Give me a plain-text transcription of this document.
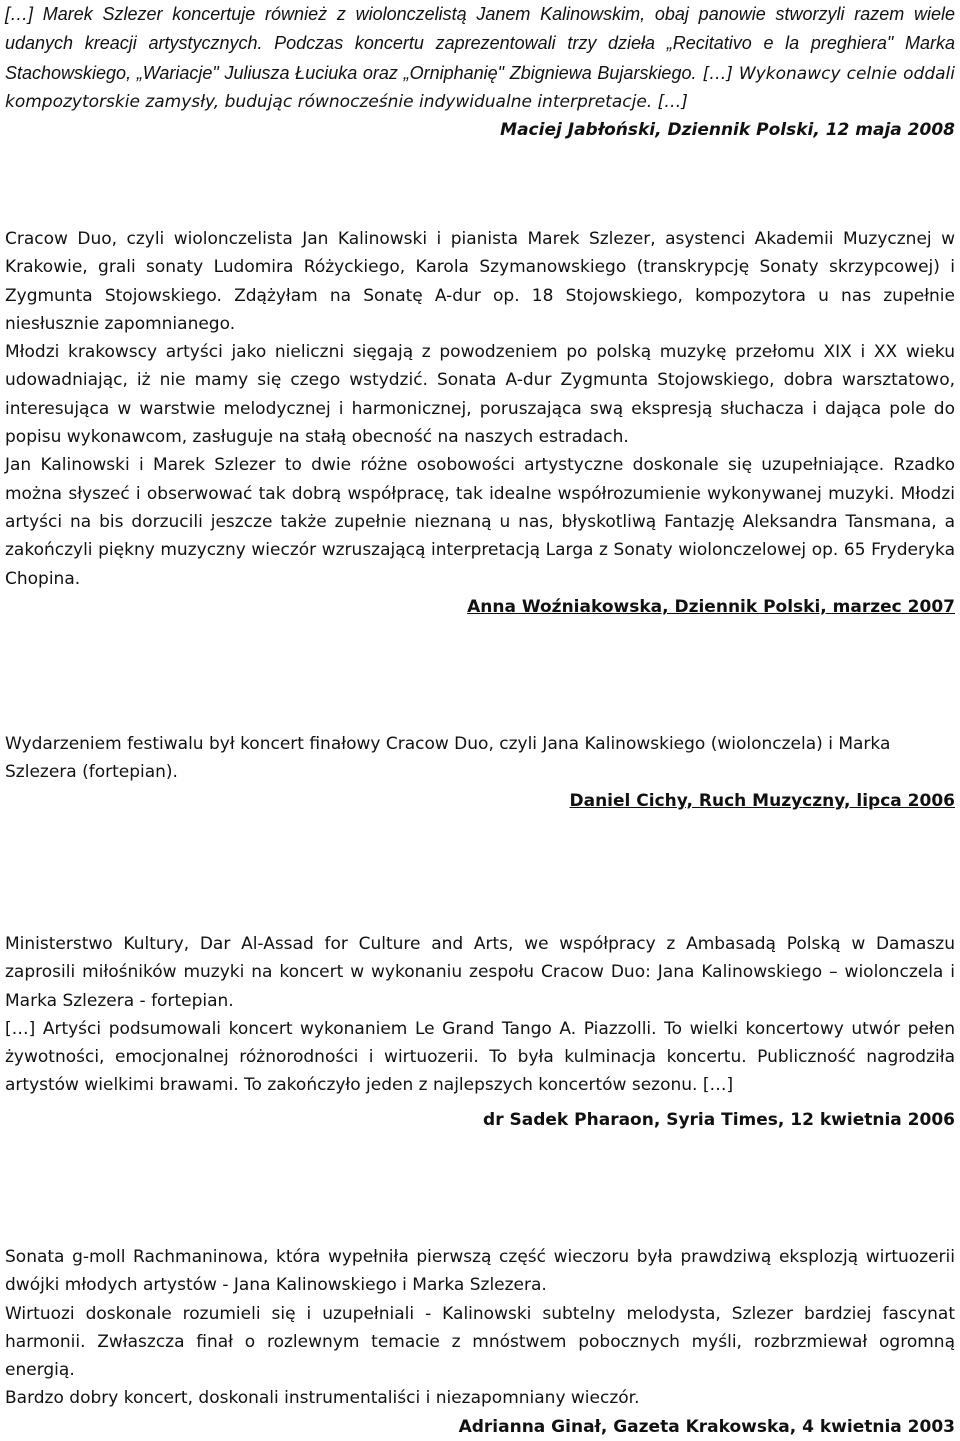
[…] Marek Szlezer koncertuje również z wiolonczelistą Janem Kalinowskim, obaj panowie stworzyli razem wiele udanych kreacji artystycznych. Podczas koncertu zaprezentowali trzy dzieła „Recitativo e la preghiera" Marka Stachowskiego, „Wariacje" Juliusza Łuciuka oraz „Orniphanię" Zbigniewa Bujarskiego. […] Wykonawcy celnie oddali kompozytorskie zamysły, budując równocześnie indywidualne interpretacje. […]

Maciej Jabłoński, Dziennik Polski, 12 maja 2008

Cracow Duo, czyli wiolonczelista Jan Kalinowski i pianista Marek Szlezer, asystenci Akademii Muzycznej w Krakowie, grali sonaty Ludomira Różyckiego, Karola Szymanowskiego (transkrypcję Sonaty skrzypcowej) i Zygmunta Stojowskiego. Zdążyłam na Sonatę A-dur op. 18 Stojowskiego, kompozytora u nas zupełnie niesłusznie zapomnianego.

Młodzi krakowscy artyści jako nieliczni sięgają z powodzeniem po polską muzykę przełomu XIX i XX wieku udowadniając, iż nie mamy się czego wstydzić. Sonata A-dur Zygmunta Stojowskiego, dobra warsztatowo, interesująca w warstwie melodycznej i harmonicznej, poruszająca swą ekspresją słuchacza i dająca pole do popisu wykonawcom, zasługuje na stałą obecność na naszych estradach.

Jan Kalinowski i Marek Szlezer to dwie różne osobowości artystyczne doskonale się uzupełniające. Rzadko można słyszeć i obserwować tak dobrą współpracę, tak idealne współrozumienie wykonywanej muzyki. Młodzi artyści na bis dorzucili jeszcze także zupełnie nieznaną u nas, błyskotliwą Fantazję Aleksandra Tansmana, a zakończyli piękny muzyczny wieczór wzruszającą interpretacją Larga z Sonaty wiolonczelowej op. 65 Fryderyka Chopina.

Anna Woźniakowska, Dziennik Polski, marzec 2007

Wydarzeniem festiwalu był koncert finałowy Cracow Duo, czyli Jana Kalinowskiego (wiolonczela) i Marka Szlezera (fortepian).

Daniel Cichy, Ruch Muzyczny, lipca 2006

Ministerstwo Kultury, Dar Al-Assad for Culture and Arts, we współpracy z Ambasadą Polską w Damaszu zaprosili miłośników muzyki na koncert w wykonaniu zespołu Cracow Duo: Jana Kalinowskiego – wiolonczela i Marka Szlezera - fortepian.

[…] Artyści podsumowali koncert wykonaniem Le Grand Tango A. Piazzolli. To wielki koncertowy utwór pełen żywotności, emocjonalnej różnorodności i wirtuozerii. To była kulminacja koncertu. Publiczność nagrodziła artystów wielkimi brawami. To zakończyło jeden z najlepszych koncertów sezonu. […]

dr Sadek Pharaon, Syria Times, 12 kwietnia 2006

Sonata g-moll Rachmaninowa, która wypełniła pierwszą część wieczoru była prawdziwą eksplozją wirtuozerii dwójki młodych artystów - Jana Kalinowskiego i Marka Szlezera.

Wirtuozi doskonale rozumieli się i uzupełniali - Kalinowski subtelny melodysta, Szlezer bardziej fascynat harmonii. Zwłaszcza finał o rozlewnym temacie z mnóstwem pobocznych myśli, rozbrzmiewał ogromną energią.

Bardzo dobry koncert, doskonali instrumentaliści i niezapomniany wieczór.

Adrianna Ginał, Gazeta Krakowska, 4 kwietnia 2003
